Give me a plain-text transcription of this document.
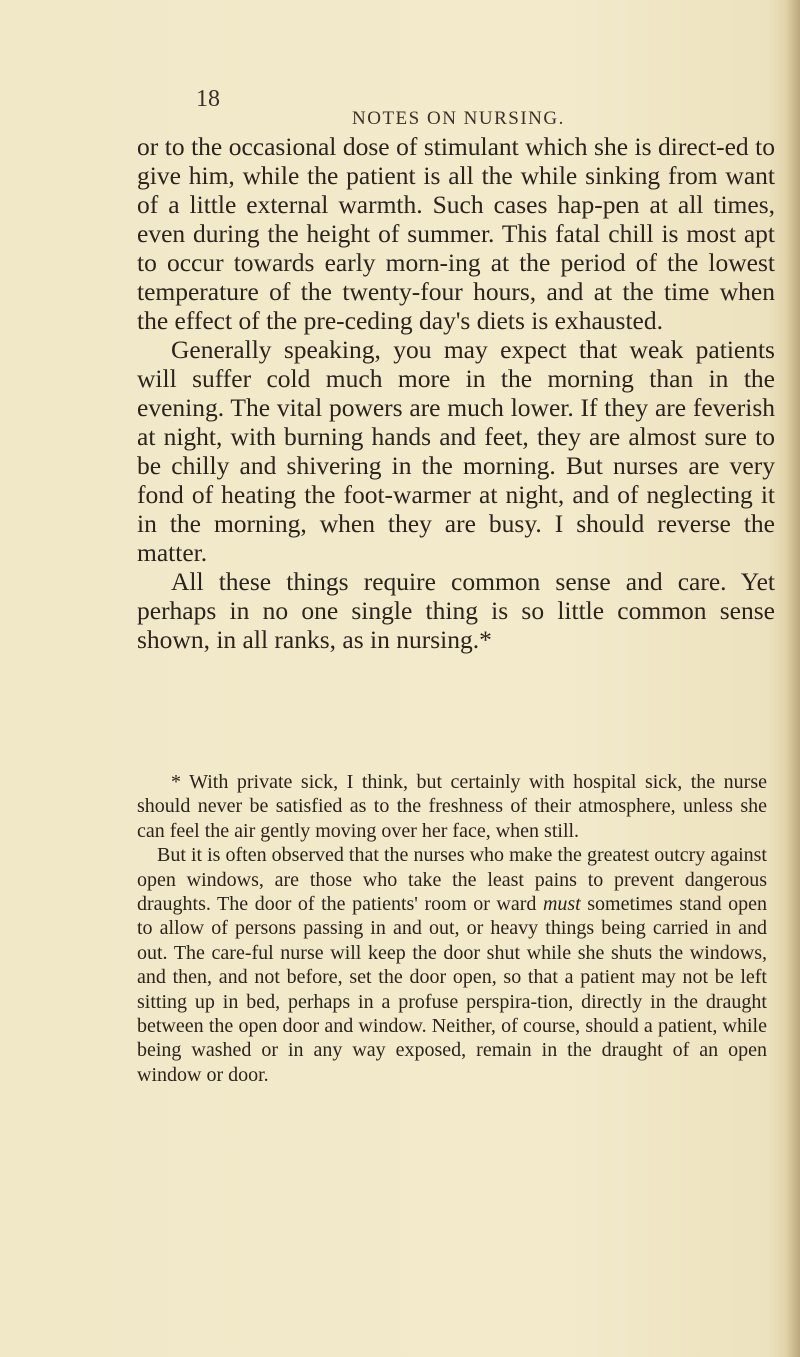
18
NOTES ON NURSING.

or to the occasional dose of stimulant which she is direct-ed to give him, while the patient is all the while sinking from want of a little external warmth. Such cases hap-pen at all times, even during the height of summer. This fatal chill is most apt to occur towards early morn-ing at the period of the lowest temperature of the twenty-four hours, and at the time when the effect of the pre-ceding day's diets is exhausted.

Generally speaking, you may expect that weak patients will suffer cold much more in the morning than in the evening. The vital powers are much lower. If they are feverish at night, with burning hands and feet, they are almost sure to be chilly and shivering in the morning. But nurses are very fond of heating the foot-warmer at night, and of neglecting it in the morning, when they are busy. I should reverse the matter.

All these things require common sense and care. Yet perhaps in no one single thing is so little common sense shown, in all ranks, as in nursing.*

* With private sick, I think, but certainly with hospital sick, the nurse should never be satisfied as to the freshness of their atmosphere, unless she can feel the air gently moving over her face, when still.

But it is often observed that the nurses who make the greatest outcry against open windows, are those who take the least pains to prevent dangerous draughts. The door of the patients' room or ward must sometimes stand open to allow of persons passing in and out, or heavy things being carried in and out. The care-ful nurse will keep the door shut while she shuts the windows, and then, and not before, set the door open, so that a patient may not be left sitting up in bed, perhaps in a profuse perspira-tion, directly in the draught between the open door and window. Neither, of course, should a patient, while being washed or in any way exposed, remain in the draught of an open window or door.
